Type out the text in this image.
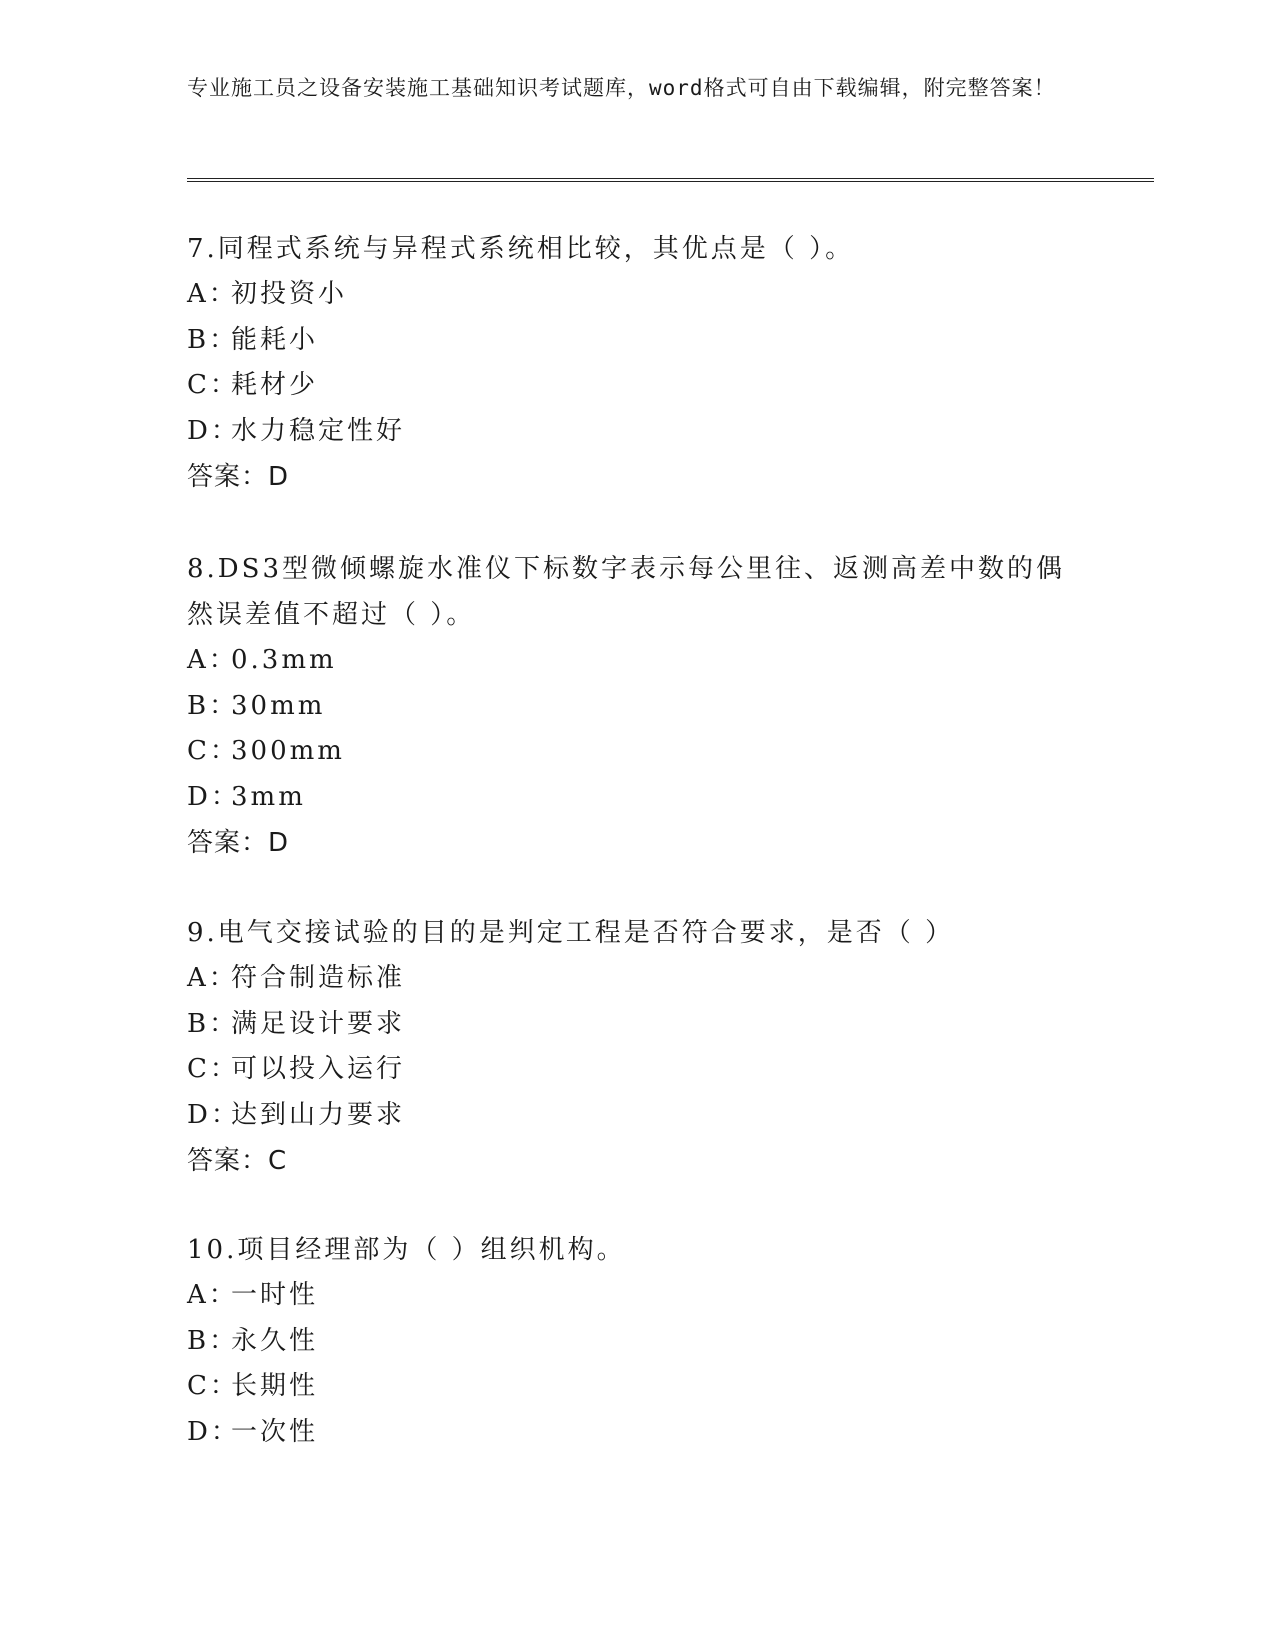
专业施工员之设备安装施工基础知识考试题库，word格式可自由下载编辑，附完整答案！
7.同程式系统与异程式系统相比较，其优点是（ ）。
A：初投资小
B：能耗小
C：耗材少
D：水力稳定性好
答案：D
8.DS3型微倾螺旋水准仪下标数字表示每公里往、返测高差中数的偶然误差值不超过（ ）。
A：0.3mm
B：30mm
C：300mm
D：3mm
答案：D
9.电气交接试验的目的是判定工程是否符合要求，是否（ ）
A：符合制造标准
B：满足设计要求
C：可以投入运行
D：达到山力要求
答案：C
10.项目经理部为（ ）组织机构。
A：一时性
B：永久性
C：长期性
D：一次性
